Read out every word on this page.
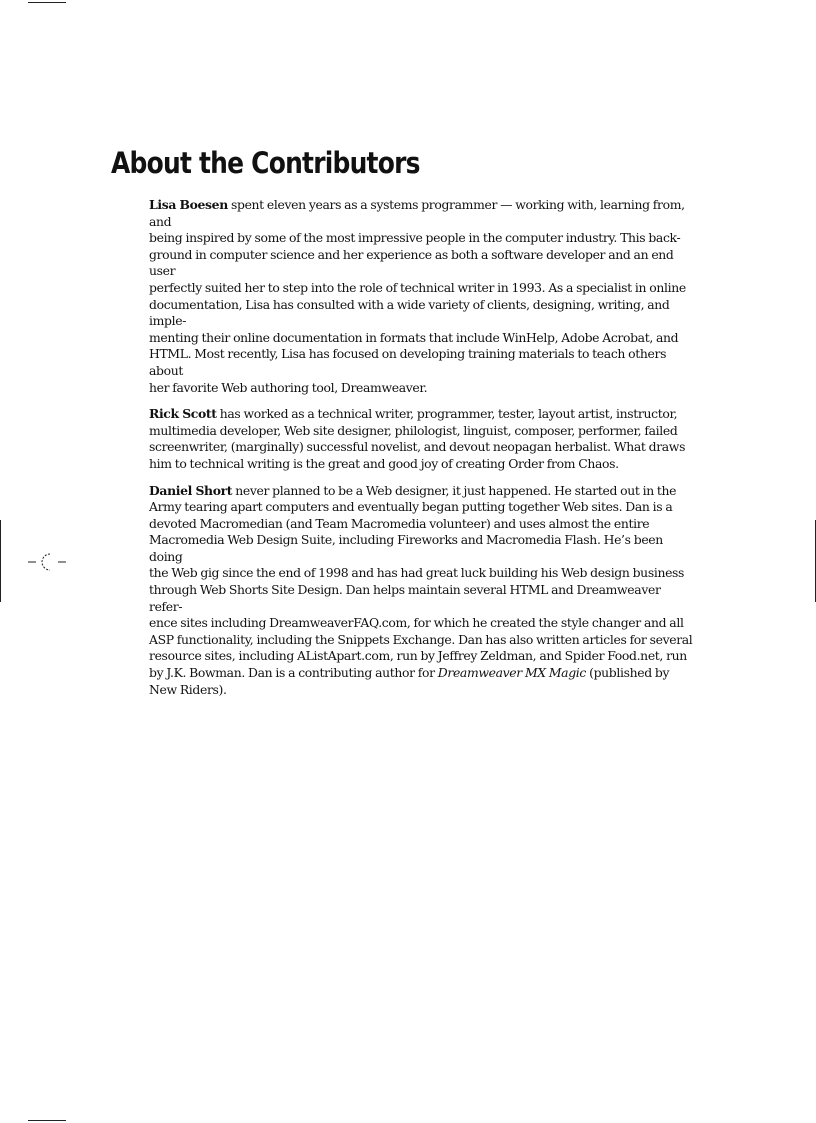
About the Contributors

Lisa Boesen spent eleven years as a systems programmer — working with, learning from, and
being inspired by some of the most impressive people in the computer industry. This back-
ground in computer science and her experience as both a software developer and an end user
perfectly suited her to step into the role of technical writer in 1993. As a specialist in online
documentation, Lisa has consulted with a wide variety of clients, designing, writing, and imple-
menting their online documentation in formats that include WinHelp, Adobe Acrobat, and
HTML. Most recently, Lisa has focused on developing training materials to teach others about
her favorite Web authoring tool, Dreamweaver.

Rick Scott has worked as a technical writer, programmer, tester, layout artist, instructor,
multimedia developer, Web site designer, philologist, linguist, composer, performer, failed
screenwriter, (marginally) successful novelist, and devout neopagan herbalist. What draws
him to technical writing is the great and good joy of creating Order from Chaos.

Daniel Short never planned to be a Web designer, it just happened. He started out in the
Army tearing apart computers and eventually began putting together Web sites. Dan is a
devoted Macromedian (and Team Macromedia volunteer) and uses almost the entire
Macromedia Web Design Suite, including Fireworks and Macromedia Flash. He’s been doing
the Web gig since the end of 1998 and has had great luck building his Web design business
through Web Shorts Site Design. Dan helps maintain several HTML and Dreamweaver refer-
ence sites including DreamweaverFAQ.com, for which he created the style changer and all
ASP functionality, including the Snippets Exchange. Dan has also written articles for several
resource sites, including AListApart.com, run by Jeffrey Zeldman, and Spider Food.net, run
by J.K. Bowman. Dan is a contributing author for Dreamweaver MX Magic (published by
New Riders).
